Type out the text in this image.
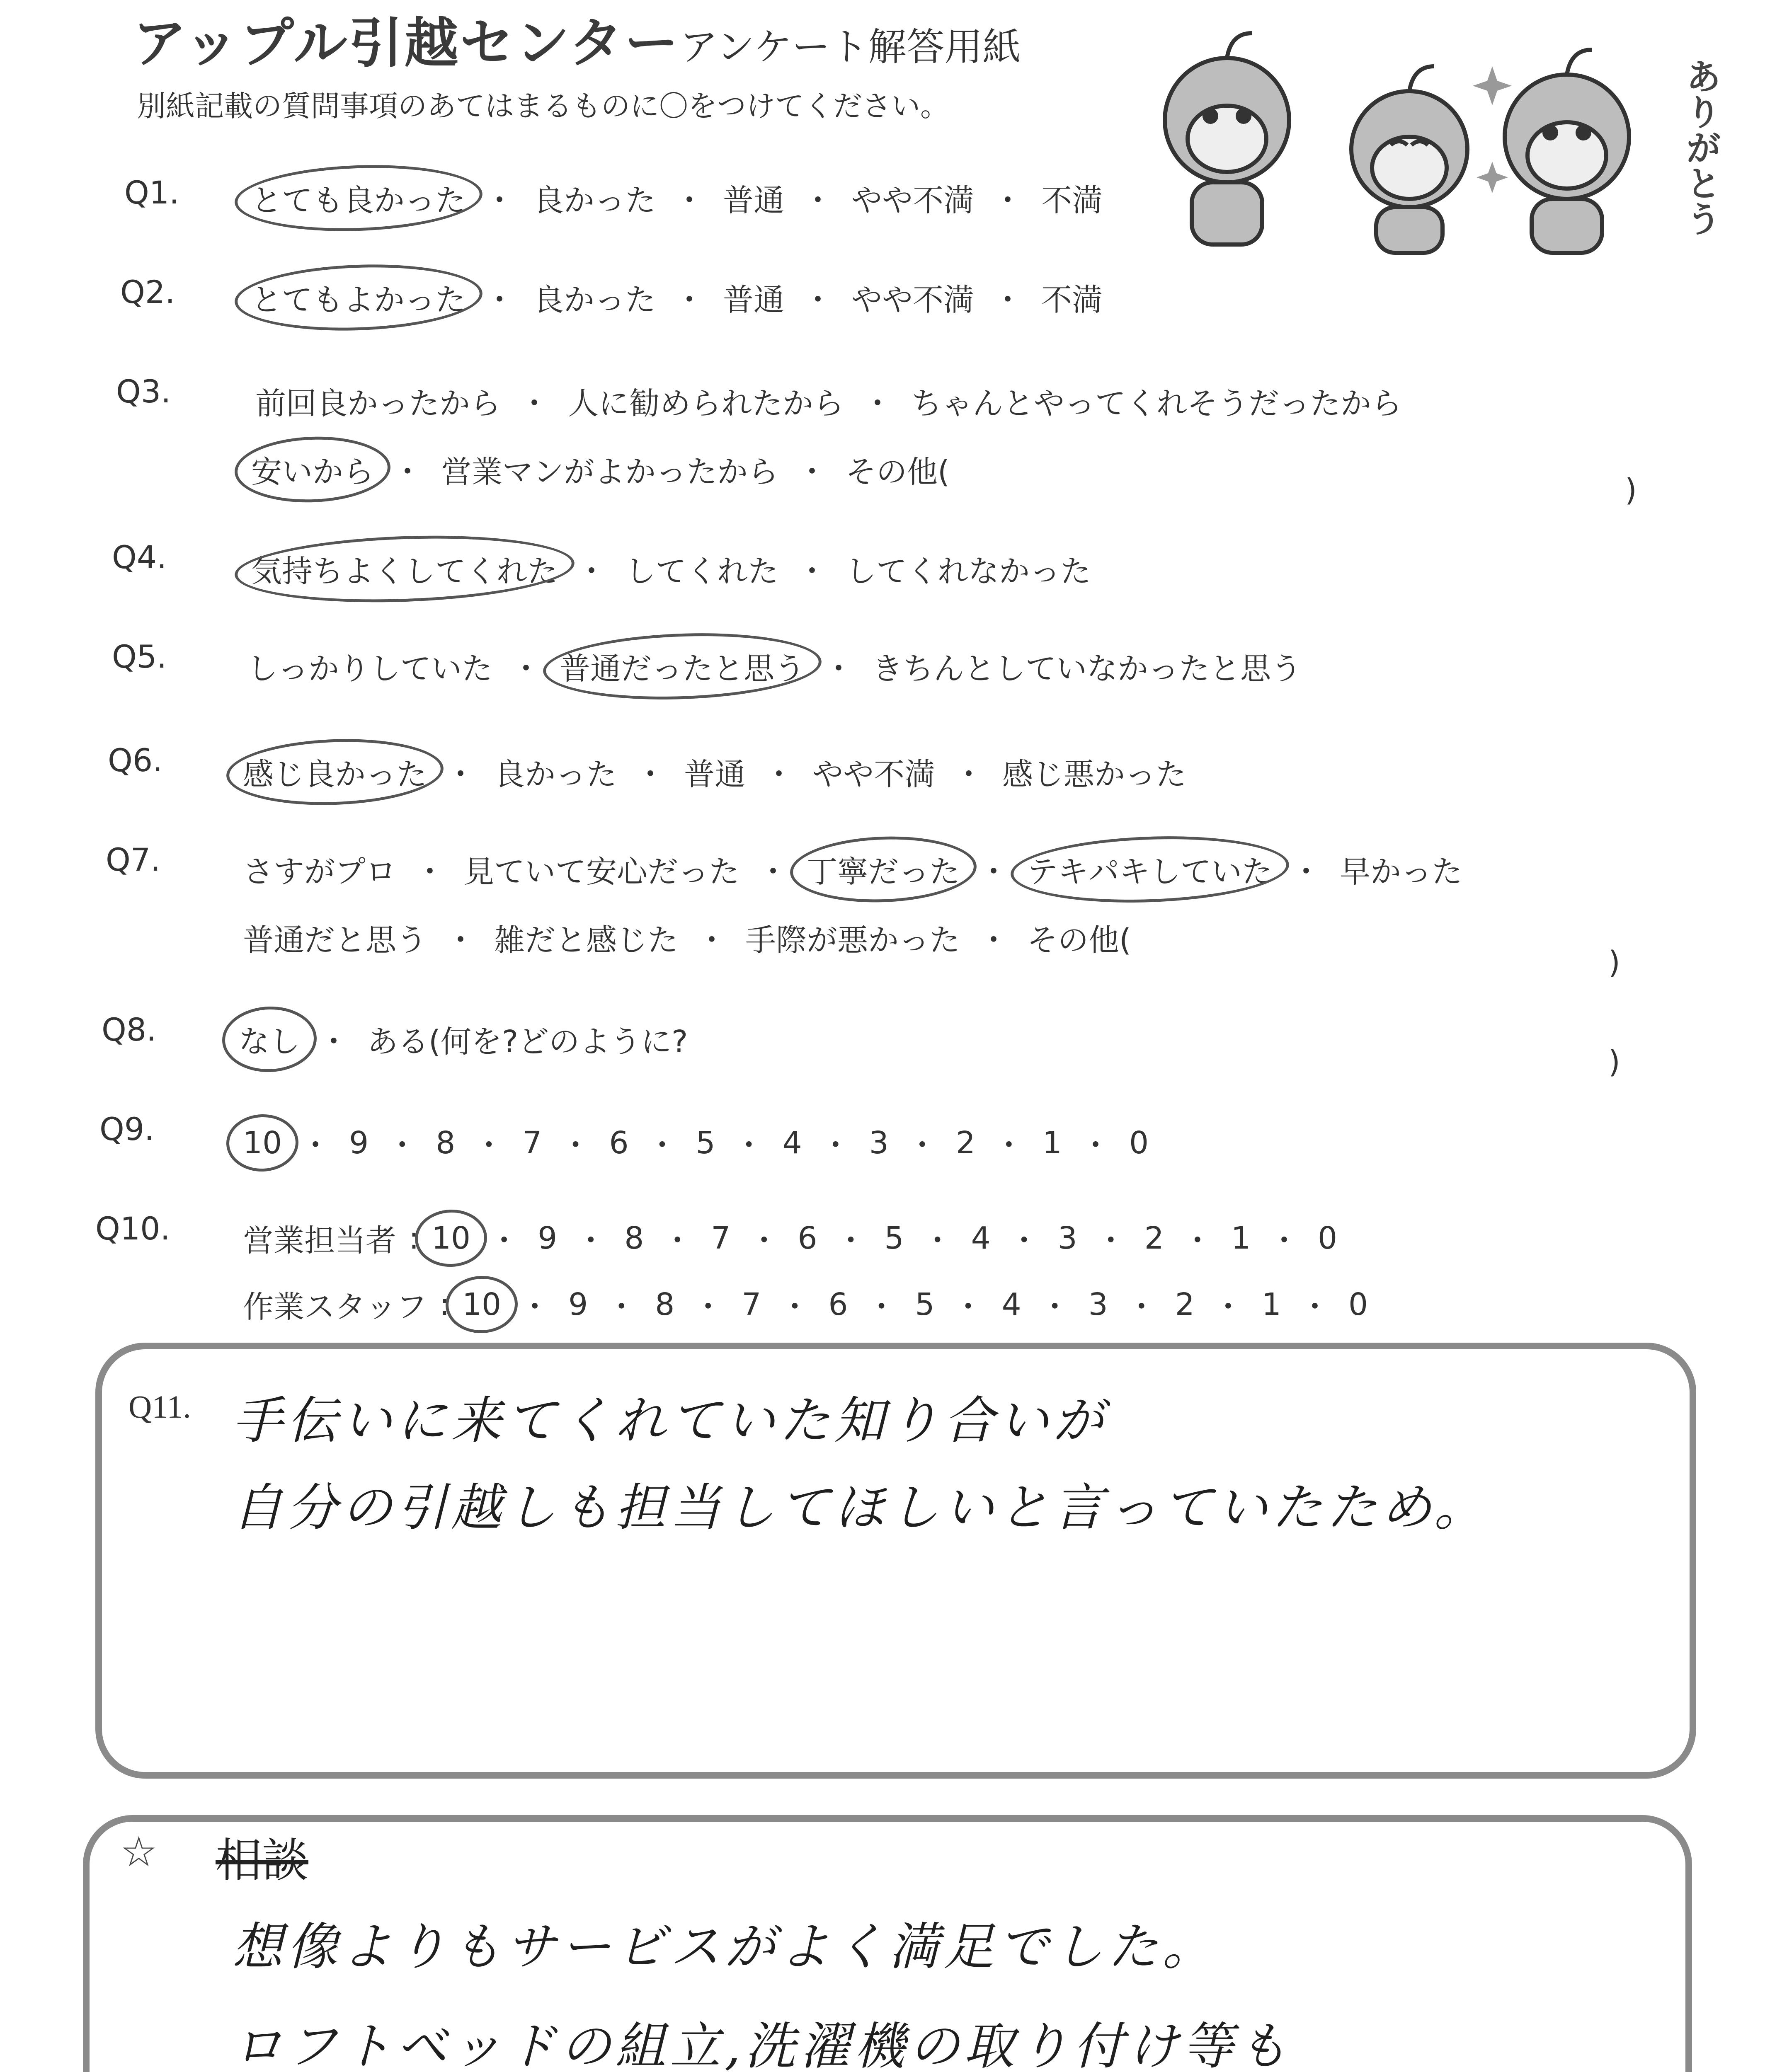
アップル引越センター アンケート解答用紙
別紙記載の質問事項のあてはまるものに〇をつけてください。	ありがとう
Q1. とても良かった ・ 良かった ・ 普通 ・ やや不満 ・ 不満
Q2. とてもよかった ・ 良かった ・ 普通 ・ やや不満 ・ 不満
Q3.	前回良かったから ・ 人に勧められたから ・ ちゃんとやってくれそうだったから
安いから ・ 営業マンがよかったから ・ その他(
)
Q4.	気持ちよくしてくれた ・ してくれた ・ してくれなかった
Q5.	しっかりしていた ・ 普通だったと思う ・ きちんとしていなかったと思う
Q6.	感じ良かった ・ 良かった ・ 普通 ・ やや不満 ・ 感じ悪かった
Q7.	さすがプロ ・ 見ていて安心だった ・ 丁寧だった ・ テキパキしていた ・ 早かった
普通だと思う ・ 雑だと感じた ・ 手際が悪かった ・ その他(
)
Q8.	なし ・ ある(何を?どのように?
)
Q9.	10 ・ 9 ・ 8 ・ 7 ・ 6 ・ 5 ・ 4 ・ 3 ・ 2 ・ 1 ・ 0
Q10. 営業担当者 : 10 ・ 9 ・ 8 ・ 7 ・ 6 ・ 5 ・ 4 ・ 3 ・ 2 ・ 1 ・ 0
作業スタッフ : 10 ・ 9 ・ 8 ・ 7 ・ 6 ・ 5 ・ 4 ・ 3 ・ 2 ・ 1 ・ 0
Q11. 手伝いに来てくれていた知り合いが
自分の引越しも担当してほしいと言っていたため。
☆ 相談
想像よりもサービスがよく満足でした。
ロフトベッドの組立,洗濯機の取り付け等も
